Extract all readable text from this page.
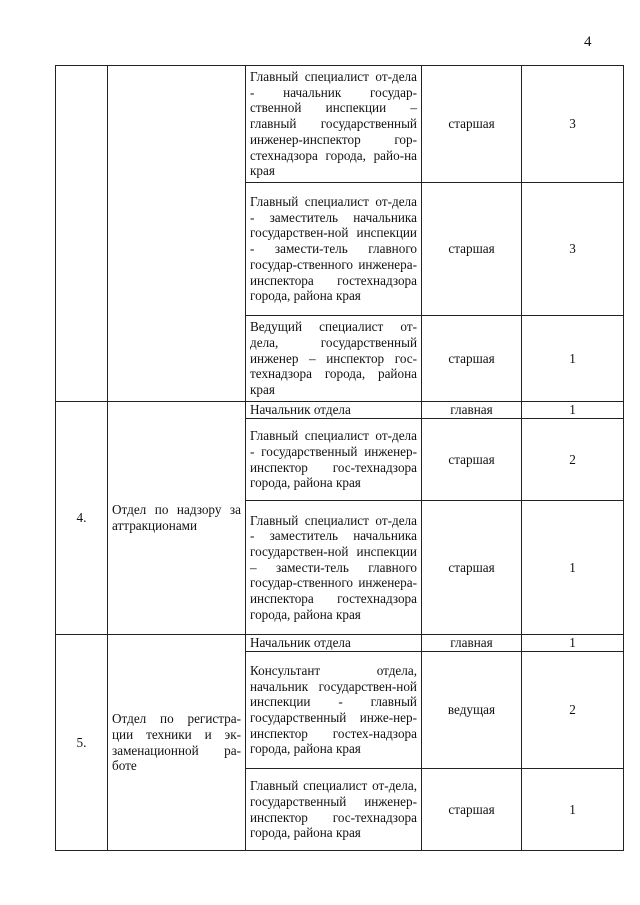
4
		Главный специалист от-дела - начальник государ-ственной инспекции – главный государственный инженер-инспектор гор-стехнадзора города, райо-на края	старшая	3
		Главный специалист от-дела - заместитель начальника государствен-ной инспекции - замести-тель главного государ-ственного инженера-инспектора гостехнадзора города, района края	старшая	3
		Ведущий специалист от-дела, государственный инженер – инспектор гос-технадзора города, района края	старшая	1
4.	Отдел по надзору за аттракционами	Начальник отдела	главная	1
		Главный специалист от-дела - государственный инженер-инспектор гос-технадзора города, района края	старшая	2
		Главный специалист от-дела - заместитель начальника государствен-ной инспекции – замести-тель главного государ-ственного инженера-инспектора гостехнадзора города, района края	старшая	1
5.	Отдел по регистра-ции техники и эк-заменационной ра-боте	Начальник отдела	главная	1
		Консультант отдела, начальник государствен-ной инспекции - главный государственный инже-нер-инспектор гостех-надзора города, района края	ведущая	2
		Главный специалист от-дела, государственный инженер-инспектор гос-технадзора города, района края	старшая	1
